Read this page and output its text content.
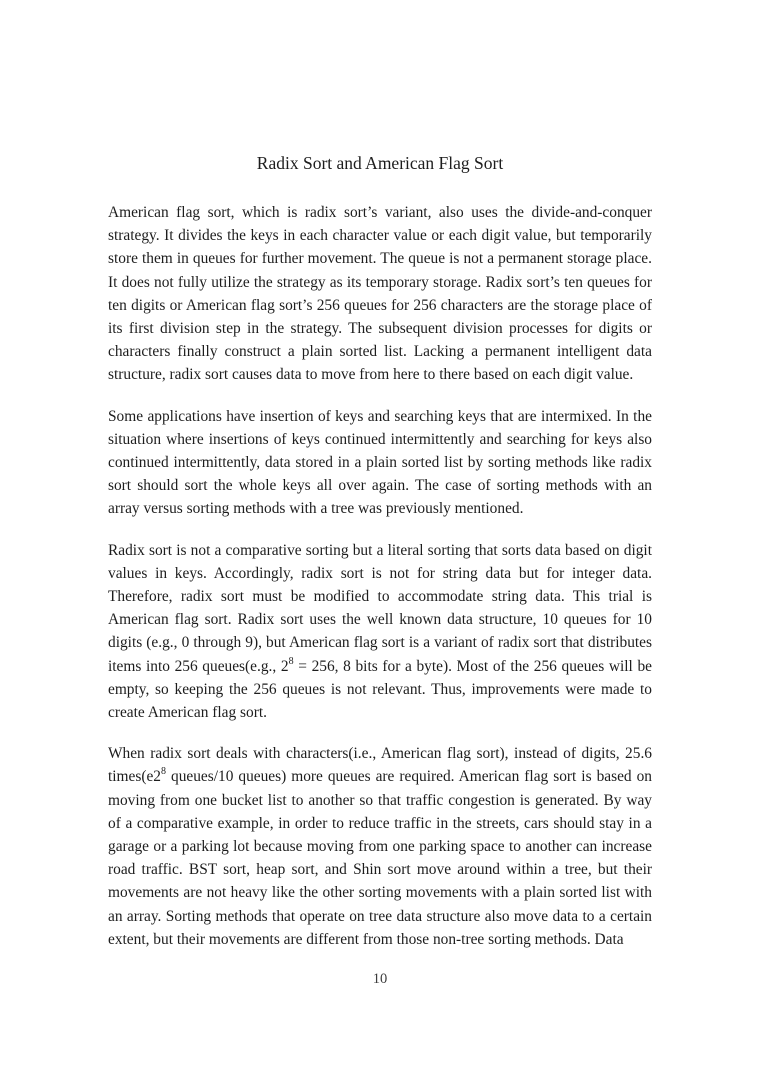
Radix Sort and American Flag Sort

American flag sort, which is radix sort’s variant, also uses the divide-and-conquer strategy. It divides the keys in each character value or each digit value, but temporarily store them in queues for further movement. The queue is not a permanent storage place. It does not fully utilize the strategy as its temporary storage. Radix sort’s ten queues for ten digits or American flag sort’s 256 queues for 256 characters are the storage place of its first division step in the strategy. The subsequent division processes for digits or characters finally construct a plain sorted list. Lacking a permanent intelligent data structure, radix sort causes data to move from here to there based on each digit value.

Some applications have insertion of keys and searching keys that are intermixed. In the situation where insertions of keys continued intermittently and searching for keys also continued intermittently, data stored in a plain sorted list by sorting methods like radix sort should sort the whole keys all over again. The case of sorting methods with an array versus sorting methods with a tree was previously mentioned.

Radix sort is not a comparative sorting but a literal sorting that sorts data based on digit values in keys. Accordingly, radix sort is not for string data but for integer data. Therefore, radix sort must be modified to accommodate string data. This trial is American flag sort. Radix sort uses the well known data structure, 10 queues for 10 digits (e.g., 0 through 9), but American flag sort is a variant of radix sort that distributes items into 256 queues(e.g., $2^8 = 256$, 8 bits for a byte). Most of the 256 queues will be empty, so keeping the 256 queues is not relevant. Thus, improvements were made to create American flag sort.

When radix sort deals with characters(i.e., American flag sort), instead of digits, 25.6 $times(e2^8$ queues/10 queues) more queues are required. American flag sort is based on moving from one bucket list to another so that traffic congestion is generated. By way of a comparative example, in order to reduce traffic in the streets, cars should stay in a garage or a parking lot because moving from one parking space to another can increase road traffic. BST sort, heap sort, and Shin sort move around within a tree, but their movements are not heavy like the other sorting movements with a plain sorted list with an array. Sorting methods that operate on tree data structure also move data to a certain extent, but their movements are different from those non-tree sorting methods. Data

10
